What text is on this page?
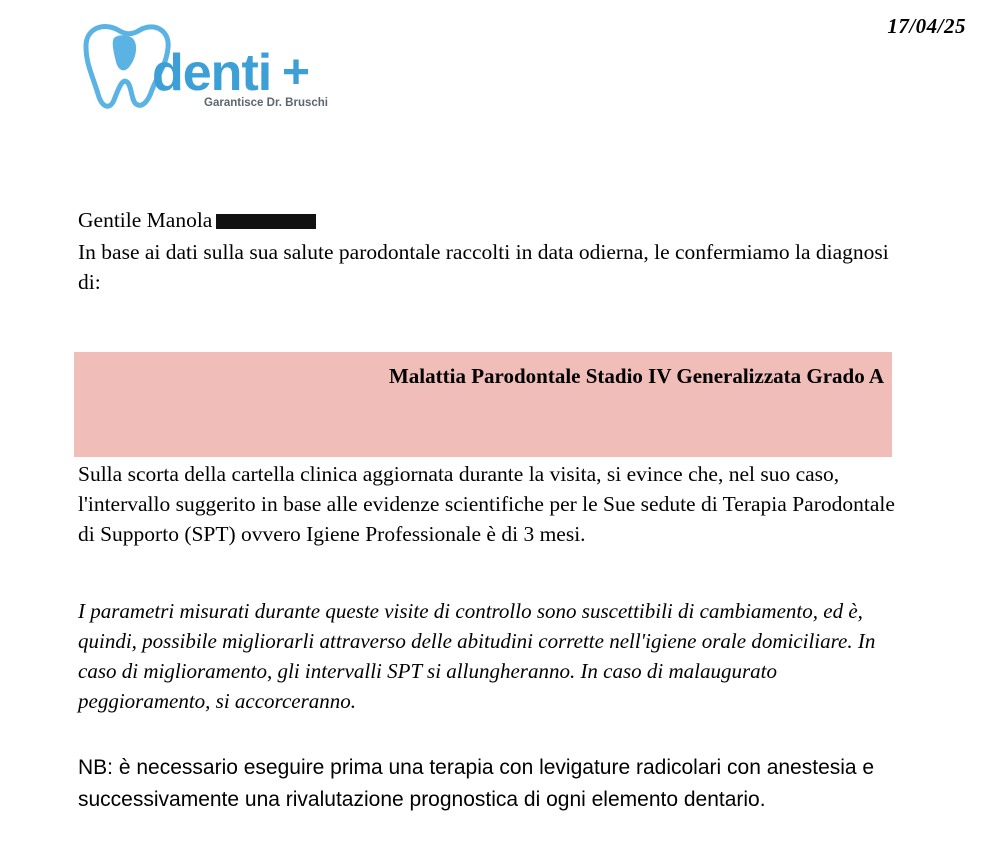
17/04/25
denti +
Garantisce Dr. Bruschi
Gentile Manola

In base ai dati sulla sua salute parodontale raccolti in data odierna, le confermiamo la diagnosi di:

Malattia Parodontale Stadio IV Generalizzata Grado A

Sulla scorta della cartella clinica aggiornata durante la visita, si evince che, nel suo caso, l'intervallo suggerito in base alle evidenze scientifiche per le Sue sedute di Terapia Parodontale di Supporto (SPT) ovvero Igiene Professionale è di 3 mesi.

I parametri misurati durante queste visite di controllo sono suscettibili di cambiamento, ed è, quindi, possibile migliorarli attraverso delle abitudini corrette nell'igiene orale domiciliare. In caso di miglioramento, gli intervalli SPT si allungheranno. In caso di malaugurato peggioramento, si accorceranno.

NB: è necessario eseguire prima una terapia con levigature radicolari con anestesia e successivamente una rivalutazione prognostica di ogni elemento dentario.
